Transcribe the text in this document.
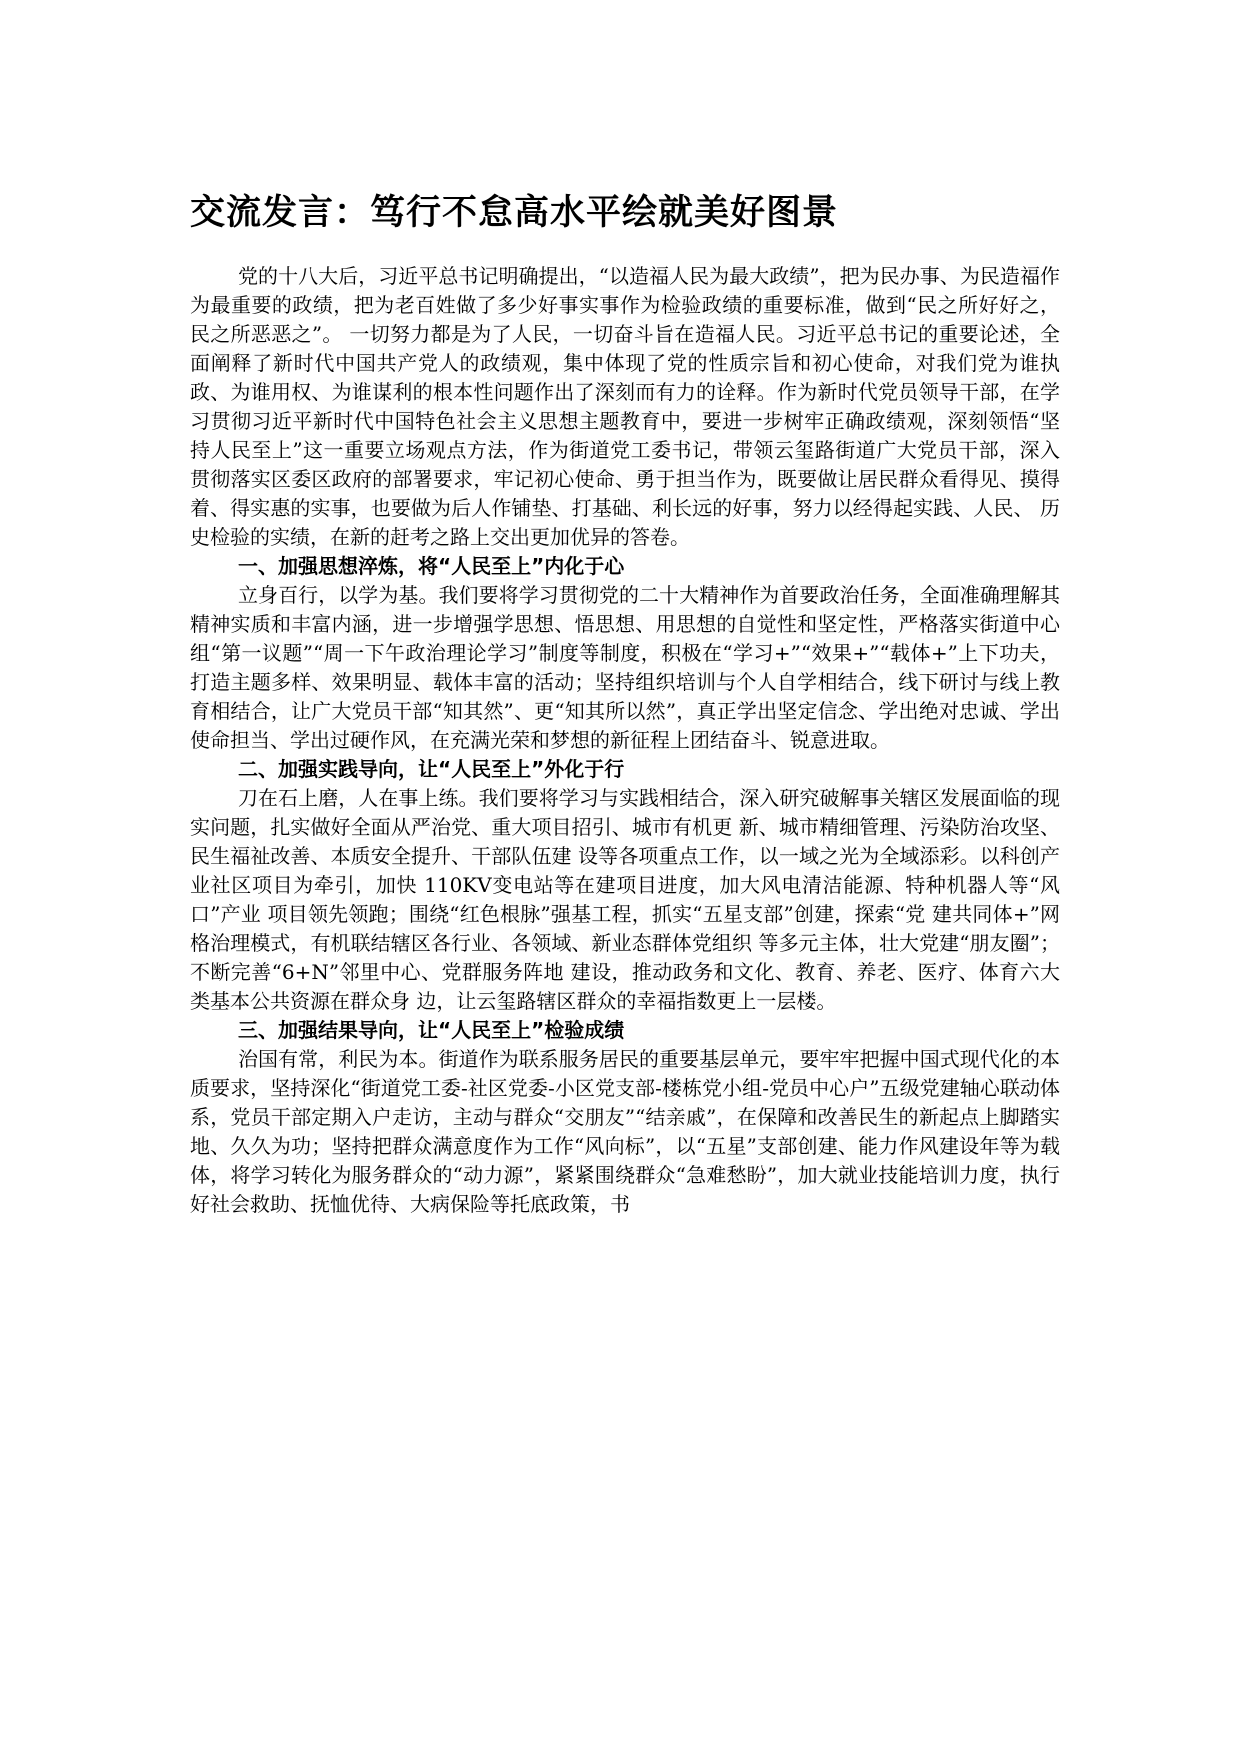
交流发言：笃行不怠高水平绘就美好图景

党的十八大后，习近平总书记明确提出，“以造福人民为最大政绩”，把为民办事、为民造福作为最重要的政绩，把为老百姓做了多少好事实事作为检验政绩的重要标准，做到“民之所好好之，民之所恶恶之”。 一切努力都是为了人民，一切奋斗旨在造福人民。习近平总书记的重要论述，全面阐释了新时代中国共产党人的政绩观，集中体现了党的性质宗旨和初心使命，对我们党为谁执政、为谁用权、为谁谋利的根本性问题作出了深刻而有力的诠释。作为新时代党员领导干部，在学习贯彻习近平新时代中国特色社会主义思想主题教育中，要进一步树牢正确政绩观，深刻领悟“坚持人民至上”这一重要立场观点方法，作为街道党工委书记，带领云玺路街道广大党员干部，深入贯彻落实区委区政府的部署要求，牢记初心使命、勇于担当作为，既要做让居民群众看得见、摸得着、得实惠的实事，也要做为后人作铺垫、打基础、利长远的好事，努力以经得起实践、人民、 历史检验的实绩，在新的赶考之路上交出更加优异的答卷。

一、加强思想淬炼，将“人民至上”内化于心

立身百行，以学为基。我们要将学习贯彻党的二十大精神作为首要政治任务，全面准确理解其精神实质和丰富内涵，进一步增强学思想、悟思想、用思想的自觉性和坚定性，严格落实街道中心组“第一议题”“周一下午政治理论学习”制度等制度，积极在“学习+”“效果+”“载体+”上下功夫，打造主题多样、效果明显、载体丰富的活动；坚持组织培训与个人自学相结合，线下研讨与线上教育相结合，让广大党员干部“知其然”、更“知其所以然”，真正学出坚定信念、学出绝对忠诚、学出使命担当、学出过硬作风，在充满光荣和梦想的新征程上团结奋斗、锐意进取。

二、加强实践导向，让“人民至上”外化于行

刀在石上磨，人在事上练。我们要将学习与实践相结合，深入研究破解事关辖区发展面临的现实问题，扎实做好全面从严治党、重大项目招引、城市有机更 新、城市精细管理、污染防治攻坚、民生福祉改善、本质安全提升、干部队伍建 设等各项重点工作，以一域之光为全域添彩。以科创产业社区项目为牵引，加快 110KV变电站等在建项目进度，加大风电清洁能源、特种机器人等“风口”产业 项目领先领跑；围绕“红色根脉”强基工程，抓实“五星支部”创建，探索“党 建共同体+”网格治理模式，有机联结辖区各行业、各领域、新业态群体党组织 等多元主体，壮大党建“朋友圈”；不断完善“6+N”邻里中心、党群服务阵地 建设，推动政务和文化、教育、养老、医疗、体育六大类基本公共资源在群众身 边，让云玺路辖区群众的幸福指数更上一层楼。

三、加强结果导向，让“人民至上”检验成绩

治国有常，利民为本。街道作为联系服务居民的重要基层单元，要牢牢把握中国式现代化的本质要求，坚持深化“街道党工委-社区党委-小区党支部-楼栋党小组-党员中心户”五级党建轴心联动体系，党员干部定期入户走访，主动与群众“交朋友”“结亲戚”，在保障和改善民生的新起点上脚踏实地、久久为功；坚持把群众满意度作为工作“风向标”，以“五星”支部创建、能力作风建设年等为载体，将学习转化为服务群众的“动力源”，紧紧围绕群众“急难愁盼”，加大就业技能培训力度，执行好社会救助、抚恤优待、大病保险等托底政策，书
